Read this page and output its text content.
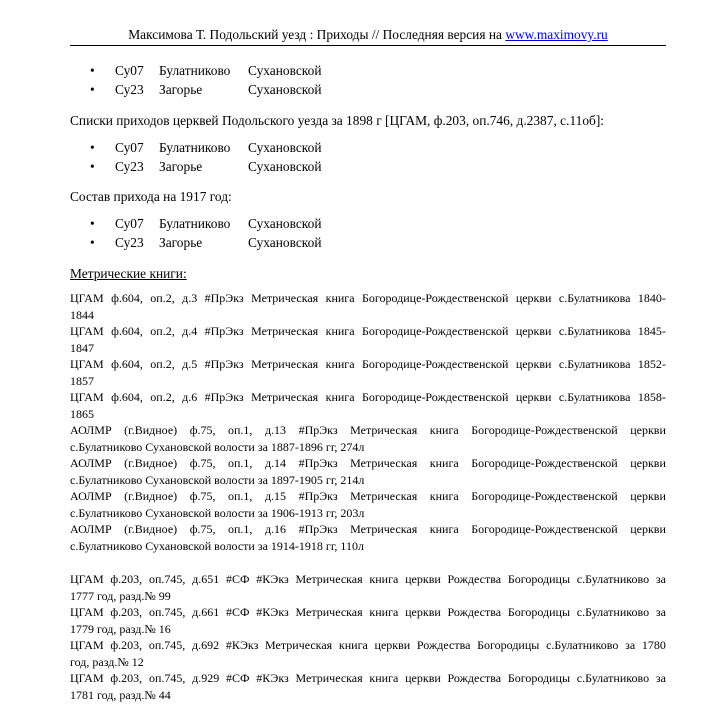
Максимова Т. Подольский уезд : Приходы // Последняя версия на www.maximovy.ru
• Су07 Булатниково Сухановской
• Су23 Загорье	Сухановской
Списки приходов церквей Подольского уезда за 1898 г [ЦГАМ, ф.203, оп.746, д.2387, с.11об]:
• Су07 Булатниково Сухановской
• Су23 Загорье	Сухановской
Состав прихода на 1917 год:
• Су07 Булатниково Сухановской
• Су23 Загорье	Сухановской
Метрические книги:
ЦГАМ ф.604, оп.2, д.3 #ПрЭкз Метрическая книга Богородице-Рождественской церкви с.Булатникова 1840-
1844
ЦГАМ ф.604, оп.2, д.4 #ПрЭкз Метрическая книга Богородице-Рождественской церкви с.Булатникова 1845-
1847
ЦГАМ ф.604, оп.2, д.5 #ПрЭкз Метрическая книга Богородице-Рождественской церкви с.Булатникова 1852-
1857
ЦГАМ ф.604, оп.2, д.6 #ПрЭкз Метрическая книга Богородице-Рождественской церкви с.Булатникова 1858-
1865
АОЛМР (г.Видное) ф.75, оп.1, д.13 #ПрЭкз Метрическая книга Богородице-Рождественской церкви
с.Булатниково Сухановской волости за 1887-1896 гг, 274л
АОЛМР (г.Видное) ф.75, оп.1, д.14 #ПрЭкз Метрическая книга Богородице-Рождественской церкви
с.Булатниково Сухановской волости за 1897-1905 гг, 214л
АОЛМР (г.Видное) ф.75, оп.1, д.15 #ПрЭкз Метрическая книга Богородице-Рождественской церкви
с.Булатниково Сухановской волости за 1906-1913 гг, 203л
АОЛМР (г.Видное) ф.75, оп.1, д.16 #ПрЭкз Метрическая книга Богородице-Рождественской церкви
с.Булатниково Сухановской волости за 1914-1918 гг, 110л
ЦГАМ ф.203, оп.745, д.651 #СФ #КЭкз Метрическая книга церкви Рождества Богородицы с.Булатниково за
1777 год, разд.№ 99
ЦГАМ ф.203, оп.745, д.661 #СФ #КЭкз Метрическая книга церкви Рождества Богородицы с.Булатниково за
1779 год, разд.№ 16
ЦГАМ ф.203, оп.745, д.692 #КЭкз Метрическая книга церкви Рождества Богородицы с.Булатниково за 1780
год, разд.№ 12
ЦГАМ ф.203, оп.745, д.929 #СФ #КЭкз Метрическая книга церкви Рождества Богородицы с.Булатниково за
1781 год, разд.№ 44
